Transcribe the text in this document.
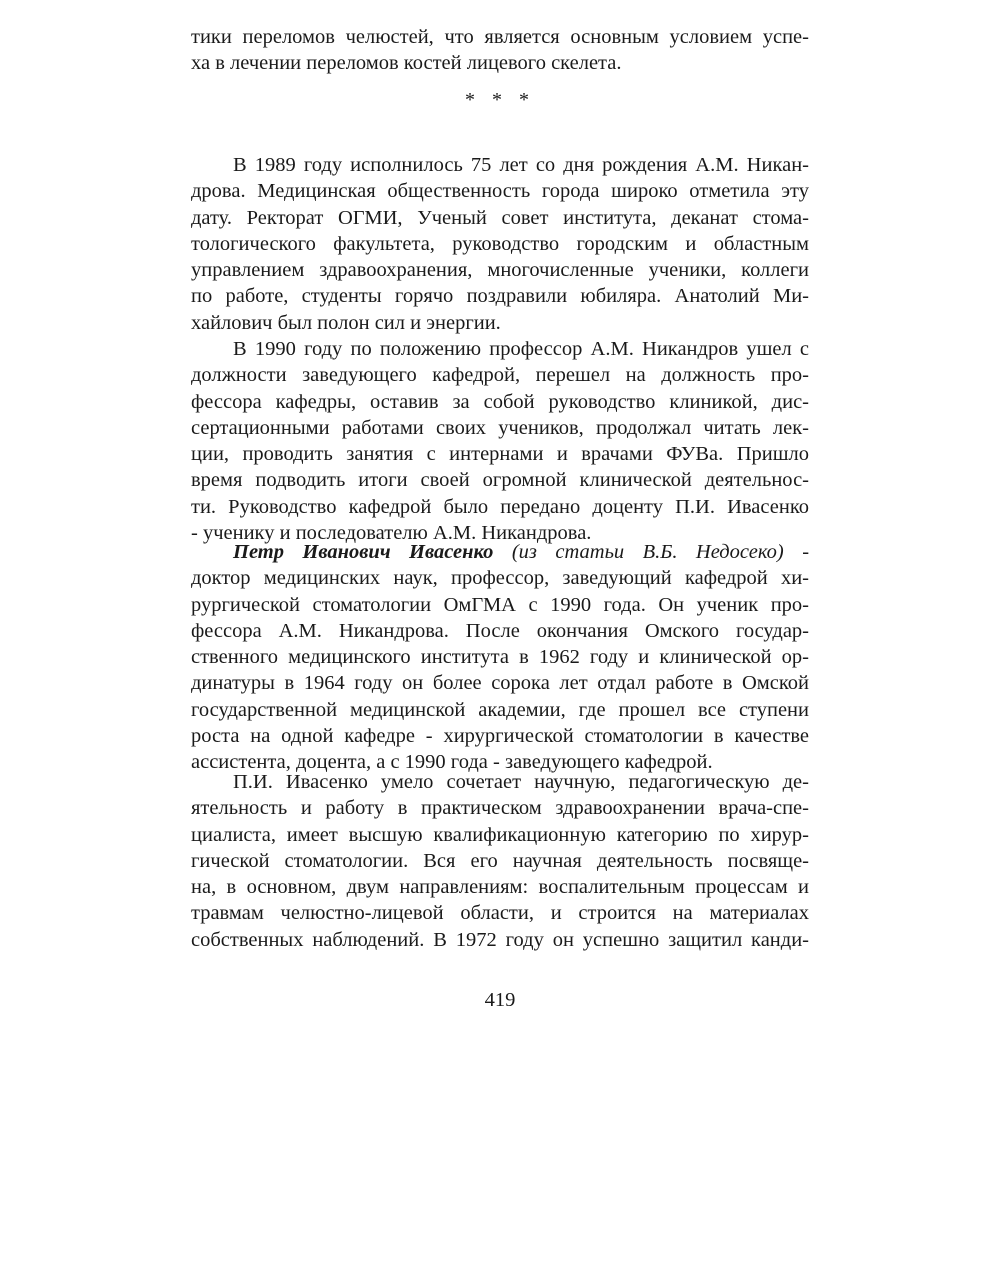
тики переломов челюстей, что является основным условием успе-
ха в лечении переломов костей лицевого скелета.
* * *
В 1989 году исполнилось 75 лет со дня рождения А.М. Никан-
дрова. Медицинская общественность города широко отметила эту
дату. Ректорат ОГМИ, Ученый совет института, деканат стома-
тологического факультета, руководство городским и областным
управлением здравоохранения, многочисленные ученики, коллеги
по работе, студенты горячо поздравили юбиляра. Анатолий Ми-
хайлович был полон сил и энергии.
В 1990 году по положению профессор А.М. Никандров ушел с
должности заведующего кафедрой, перешел на должность про-
фессора кафедры, оставив за собой руководство клиникой, дис-
сертационными работами своих учеников, продолжал читать лек-
ции, проводить занятия с интернами и врачами ФУВа. Пришло
время подводить итоги своей огромной клинической деятельнос-
ти. Руководство кафедрой было передано доценту П.И. Ивасенко
- ученику и последователю А.М. Никандрова.
Петр Иванович Ивасенко (из статьи В.Б. Недосеко) -
доктор медицинских наук, профессор, заведующий кафедрой хи-
рургической стоматологии ОмГМА с 1990 года. Он ученик про-
фессора А.М. Никандрова. После окончания Омского государ-
ственного медицинского института в 1962 году и клинической ор-
динатуры в 1964 году он более сорока лет отдал работе в Омской
государственной медицинской академии, где прошел все ступени
роста на одной кафедре - хирургической стоматологии в качестве
ассистента, доцента, а с 1990 года - заведующего кафедрой.
П.И. Ивасенко умело сочетает научную, педагогическую де-
ятельность и работу в практическом здравоохранении врача-спе-
циалиста, имеет высшую квалификационную категорию по хирур-
гической стоматологии. Вся его научная деятельность посвяще-
на, в основном, двум направлениям: воспалительным процессам и
травмам челюстно-лицевой области, и строится на материалах
собственных наблюдений. В 1972 году он успешно защитил канди-
419
